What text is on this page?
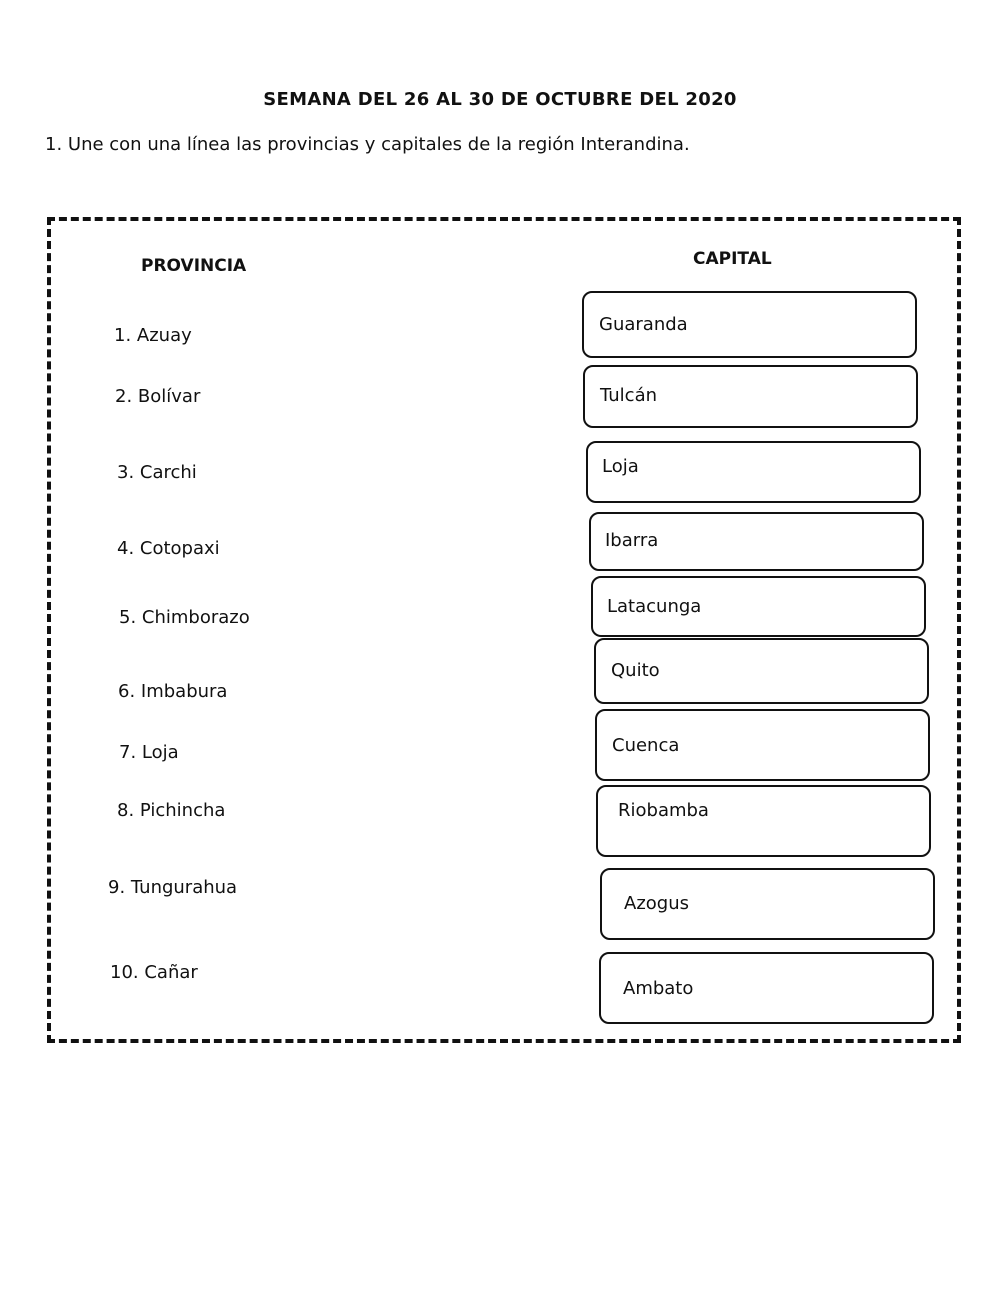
SEMANA DEL 26 AL 30 DE OCTUBRE DEL 2020
1. Une con una línea las provincias y capitales de la región Interandina.
PROVINCIA	CAPITAL
1. Azuay
2. Bolívar
3. Carchi
4. Cotopaxi
5. Chimborazo
6. Imbabura
7. Loja
8. Pichincha
9. Tungurahua
10. Cañar
Guaranda
Tulcán
Loja
Ibarra
Latacunga
Quito
Cuenca
Riobamba
Azogus
Ambato
